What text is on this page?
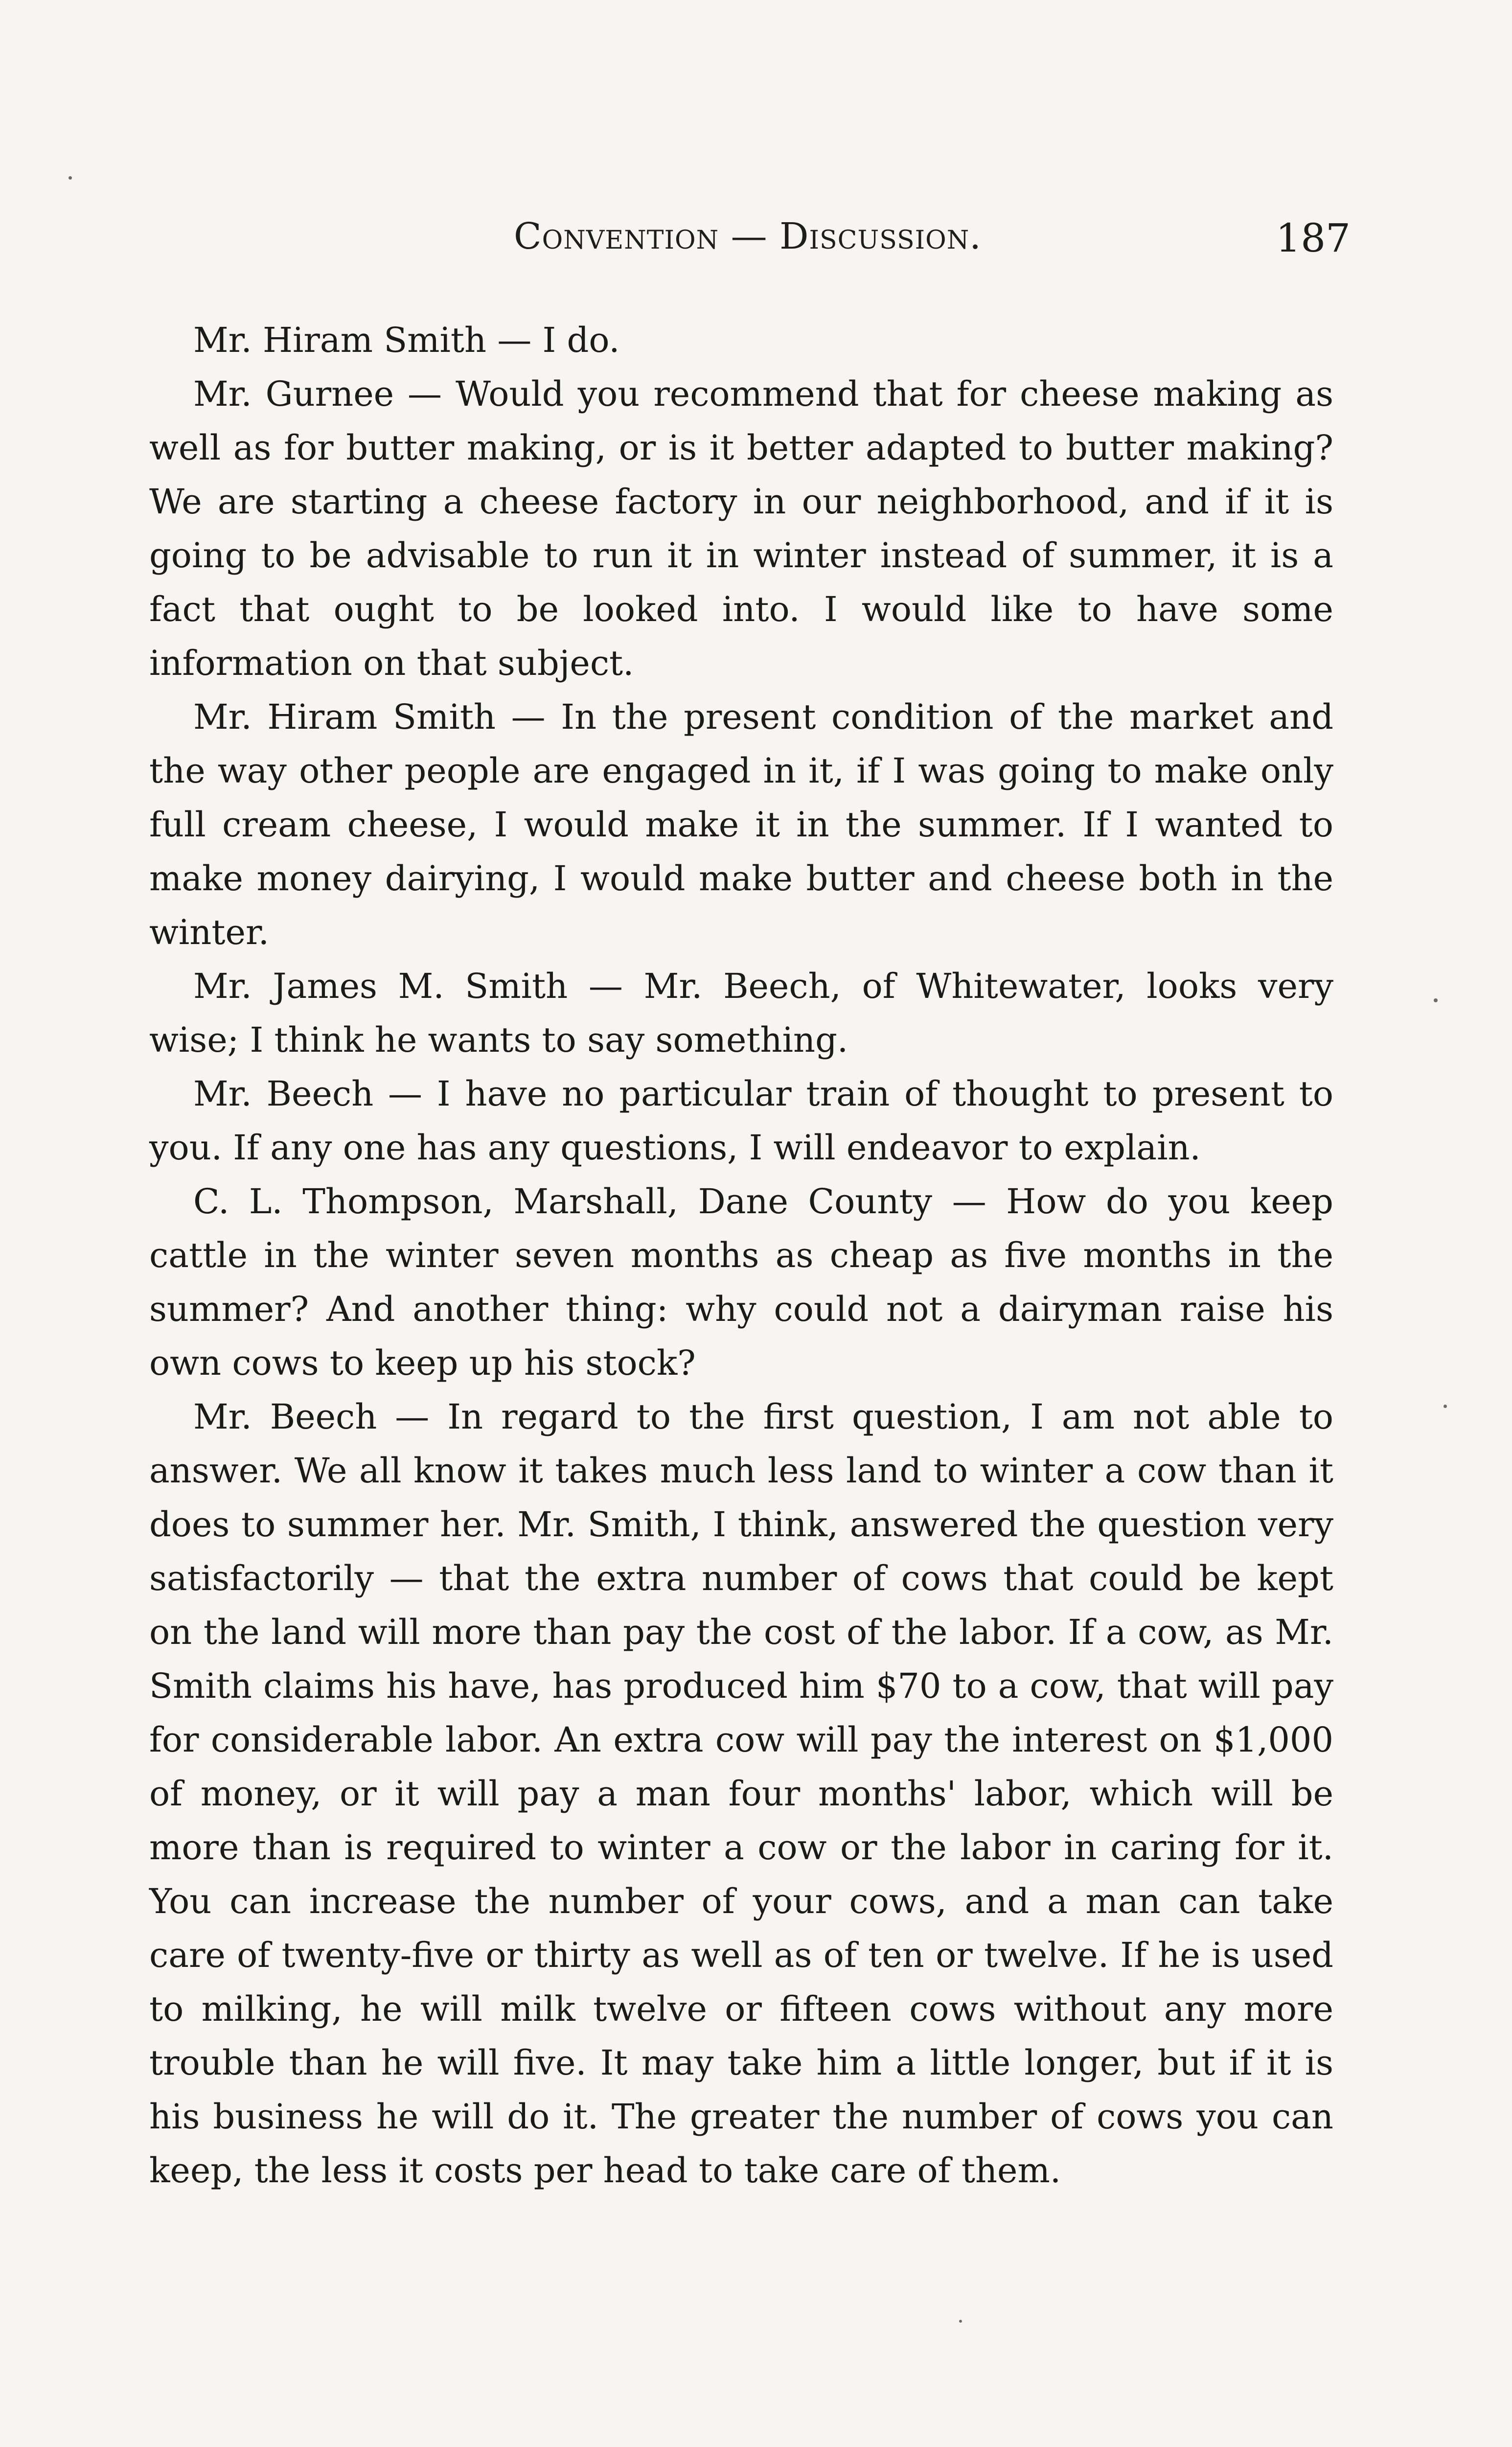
Convention — Discussion.	187

Mr. Hiram Smith — I do.

Mr. Gurnee — Would you recommend that for cheese making as well as for butter making, or is it better adapted to butter making? We are starting a cheese factory in our neighborhood, and if it is going to be advisable to run it in winter instead of summer, it is a fact that ought to be looked into. I would like to have some information on that subject.

Mr. Hiram Smith — In the present condition of the market and the way other people are engaged in it, if I was going to make only full cream cheese, I would make it in the summer. If I wanted to make money dairying, I would make butter and cheese both in the winter.

Mr. James M. Smith — Mr. Beech, of Whitewater, looks very wise; I think he wants to say something.

Mr. Beech — I have no particular train of thought to present to you. If any one has any questions, I will endeavor to explain.

C. L. Thompson, Marshall, Dane County — How do you keep cattle in the winter seven months as cheap as five months in the summer? And another thing: why could not a dairyman raise his own cows to keep up his stock?

Mr. Beech — In regard to the first question, I am not able to answer. We all know it takes much less land to winter a cow than it does to summer her. Mr. Smith, I think, answered the question very satisfactorily — that the extra number of cows that could be kept on the land will more than pay the cost of the labor. If a cow, as Mr. Smith claims his have, has produced him $70 to a cow, that will pay for considerable labor. An extra cow will pay the interest on $1,000 of money, or it will pay a man four months' labor, which will be more than is required to winter a cow or the labor in caring for it. You can increase the number of your cows, and a man can take care of twenty-five or thirty as well as of ten or twelve. If he is used to milking, he will milk twelve or fifteen cows without any more trouble than he will five. It may take him a little longer, but if it is his business he will do it. The greater the number of cows you can keep, the less it costs per head to take care of them.
